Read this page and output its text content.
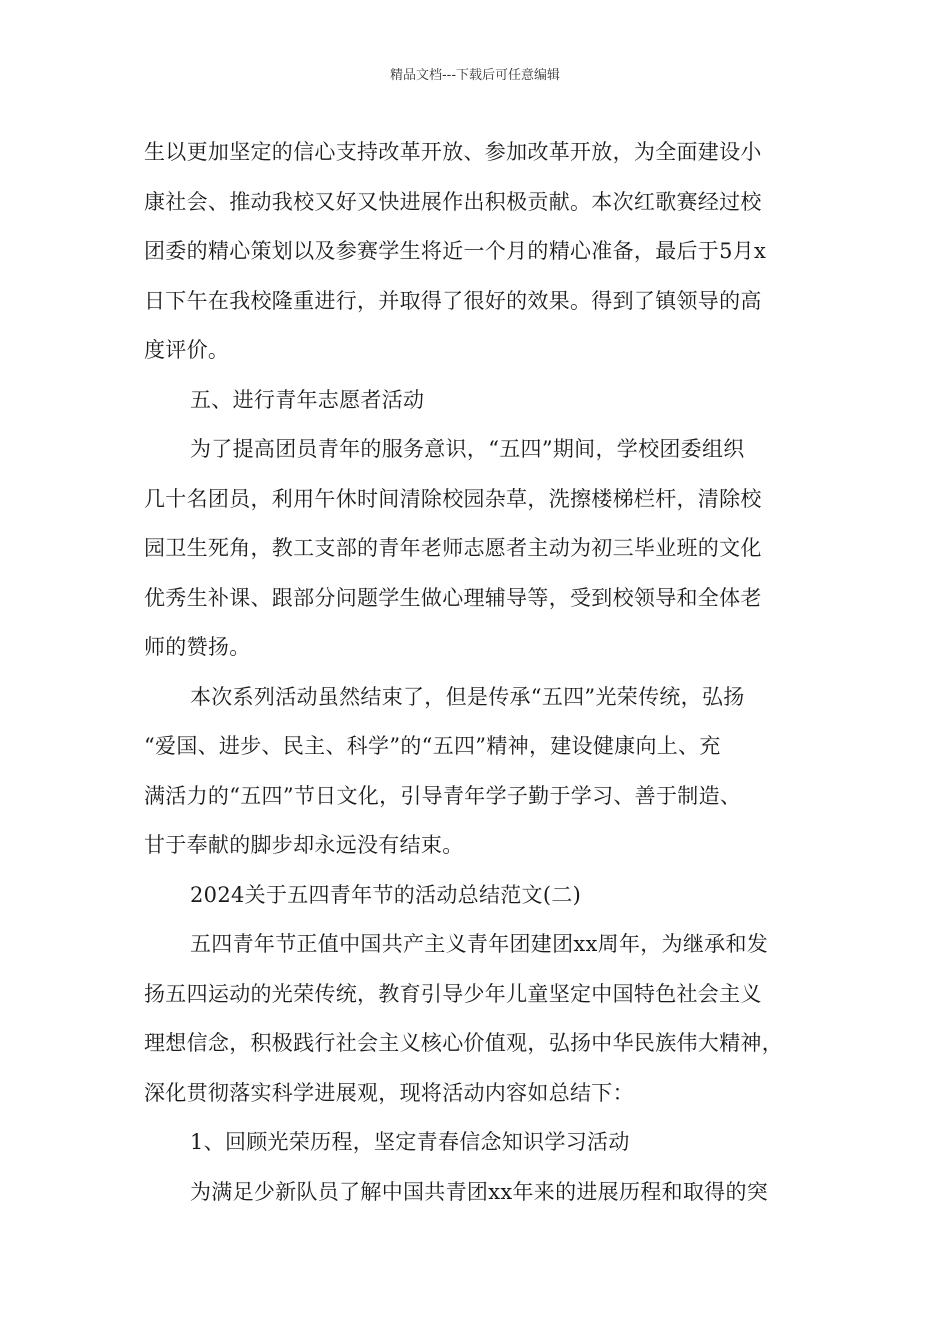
精品文档---下载后可任意编辑
生以更加坚定的信心支持改革开放、参加改革开放，为全面建设小
康社会、推动我校又好又快进展作出积极贡献。本次红歌赛经过校
团委的精心策划以及参赛学生将近一个月的精心准备，最后于5月x
日下午在我校隆重进行，并取得了很好的效果。得到了镇领导的高
度评价。
五、进行青年志愿者活动
为了提高团员青年的服务意识，“五四”期间，学校团委组织
几十名团员，利用午休时间清除校园杂草，洗擦楼梯栏杆，清除校
园卫生死角，教工支部的青年老师志愿者主动为初三毕业班的文化
优秀生补课、跟部分问题学生做心理辅导等，受到校领导和全体老
师的赞扬。
本次系列活动虽然结束了，但是传承“五四”光荣传统，弘扬
“爱国、进步、民主、科学”的“五四”精神，建设健康向上、充
满活力的“五四”节日文化，引导青年学子勤于学习、善于制造、
甘于奉献的脚步却永远没有结束。
2024关于五四青年节的活动总结范文(二)
五四青年节正值中国共产主义青年团建团xx周年，为继承和发
扬五四运动的光荣传统，教育引导少年儿童坚定中国特色社会主义
理想信念，积极践行社会主义核心价值观，弘扬中华民族伟大精神，
深化贯彻落实科学进展观，现将活动内容如总结下：
1、回顾光荣历程，坚定青春信念知识学习活动
为满足少新队员了解中国共青团xx年来的进展历程和取得的突
